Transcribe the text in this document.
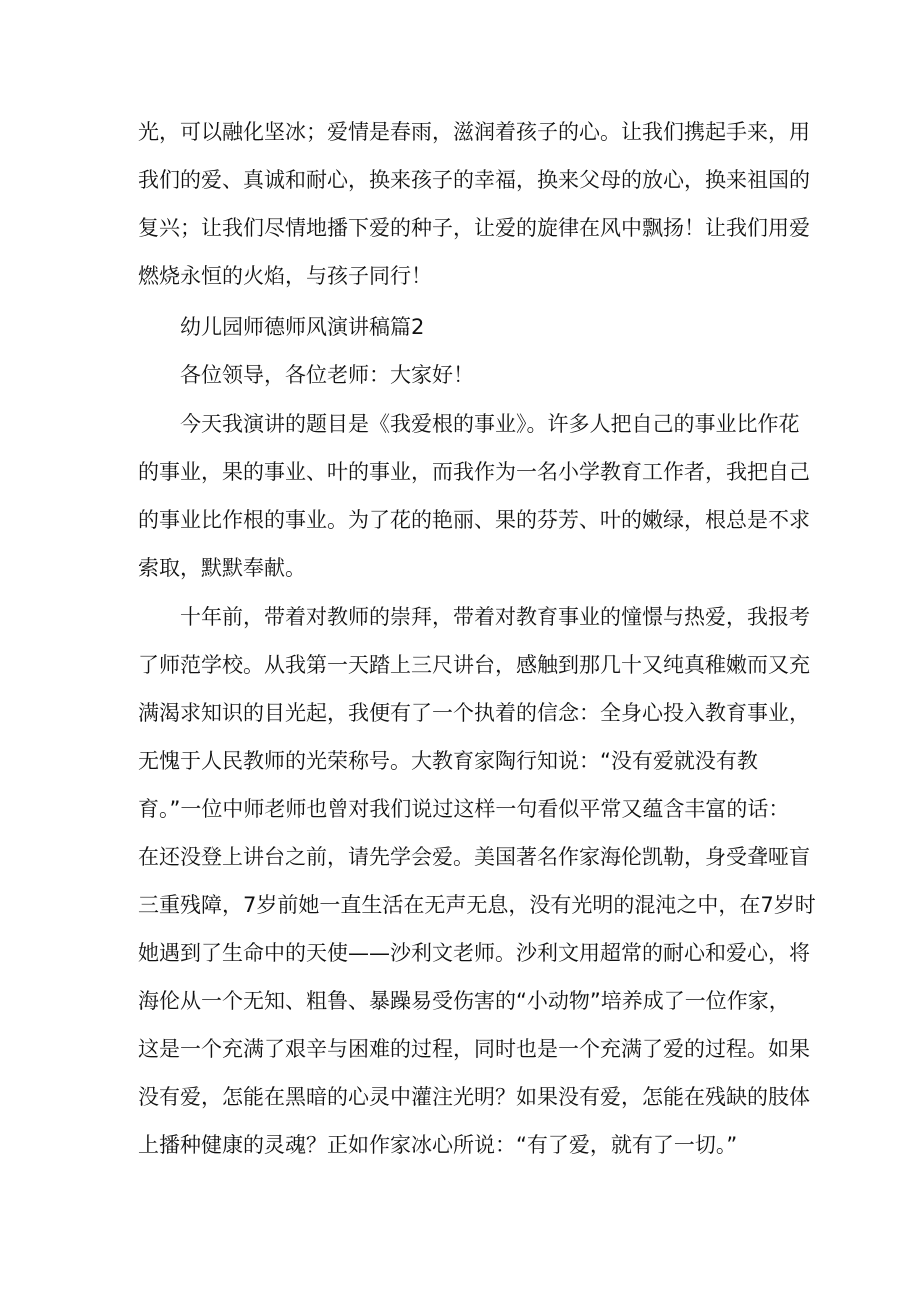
光，可以融化坚冰；爱情是春雨，滋润着孩子的心。让我们携起手来，用
我们的爱、真诚和耐心，换来孩子的幸福，换来父母的放心，换来祖国的
复兴；让我们尽情地播下爱的种子，让爱的旋律在风中飘扬！让我们用爱
燃烧永恒的火焰，与孩子同行！
幼儿园师德师风演讲稿篇2
各位领导，各位老师：大家好！
今天我演讲的题目是《我爱根的事业》。许多人把自己的事业比作花
的事业，果的事业、叶的事业，而我作为一名小学教育工作者，我把自己
的事业比作根的事业。为了花的艳丽、果的芬芳、叶的嫩绿，根总是不求
索取，默默奉献。
十年前，带着对教师的崇拜，带着对教育事业的憧憬与热爱，我报考
了师范学校。从我第一天踏上三尺讲台，感触到那几十又纯真稚嫩而又充
满渴求知识的目光起，我便有了一个执着的信念：全身心投入教育事业，
无愧于人民教师的光荣称号。大教育家陶行知说：“没有爱就没有教
育。”一位中师老师也曾对我们说过这样一句看似平常又蕴含丰富的话：
在还没登上讲台之前，请先学会爱。美国著名作家海伦凯勒，身受聋哑盲
三重残障，7岁前她一直生活在无声无息，没有光明的混沌之中，在7岁时
她遇到了生命中的天使——沙利文老师。沙利文用超常的耐心和爱心，将
海伦从一个无知、粗鲁、暴躁易受伤害的“小动物”培养成了一位作家，
这是一个充满了艰辛与困难的过程，同时也是一个充满了爱的过程。如果
没有爱，怎能在黑暗的心灵中灌注光明？如果没有爱，怎能在残缺的肢体
上播种健康的灵魂？正如作家冰心所说：“有了爱，就有了一切。”
